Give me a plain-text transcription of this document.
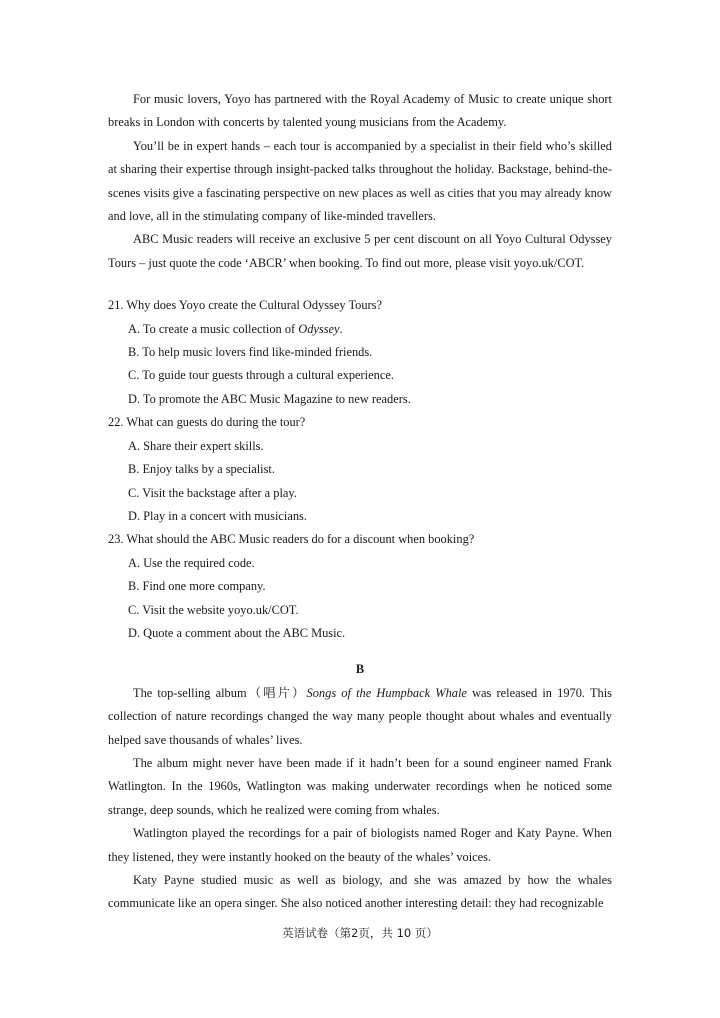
For music lovers, Yoyo has partnered with the Royal Academy of Music to create unique short breaks in London with concerts by talented young musicians from the Academy.

You’ll be in expert hands – each tour is accompanied by a specialist in their field who’s skilled at sharing their expertise through insight-packed talks throughout the holiday. Backstage, behind-the-scenes visits give a fascinating perspective on new places as well as cities that you may already know and love, all in the stimulating company of like-minded travellers.

ABC Music readers will receive an exclusive 5 per cent discount on all Yoyo Cultural Odyssey Tours – just quote the code ‘ABCR’ when booking. To find out more, please visit yoyo.uk/COT.

21. Why does Yoyo create the Cultural Odyssey Tours?

A. To create a music collection of Odyssey.

B. To help music lovers find like-minded friends.

C. To guide tour guests through a cultural experience.

D. To promote the ABC Music Magazine to new readers.

22. What can guests do during the tour?

A. Share their expert skills.

B. Enjoy talks by a specialist.

C. Visit the backstage after a play.

D. Play in a concert with musicians.

23. What should the ABC Music readers do for a discount when booking?

A. Use the required code.

B. Find one more company.

C. Visit the website yoyo.uk/COT.

D. Quote a comment about the ABC Music.

B

The top-selling album（唱片）Songs of the Humpback Whale was released in 1970. This collection of nature recordings changed the way many people thought about whales and eventually helped save thousands of whales’ lives.

The album might never have been made if it hadn’t been for a sound engineer named Frank Watlington. In the 1960s, Watlington was making underwater recordings when he noticed some strange, deep sounds, which he realized were coming from whales.

Watlington played the recordings for a pair of biologists named Roger and Katy Payne. When they listened, they were instantly hooked on the beauty of the whales’ voices.

Katy Payne studied music as well as biology, and she was amazed by how the whales communicate like an opera singer. She also noticed another interesting detail: they had recognizable

英语试卷（第2页，共 10 页）
